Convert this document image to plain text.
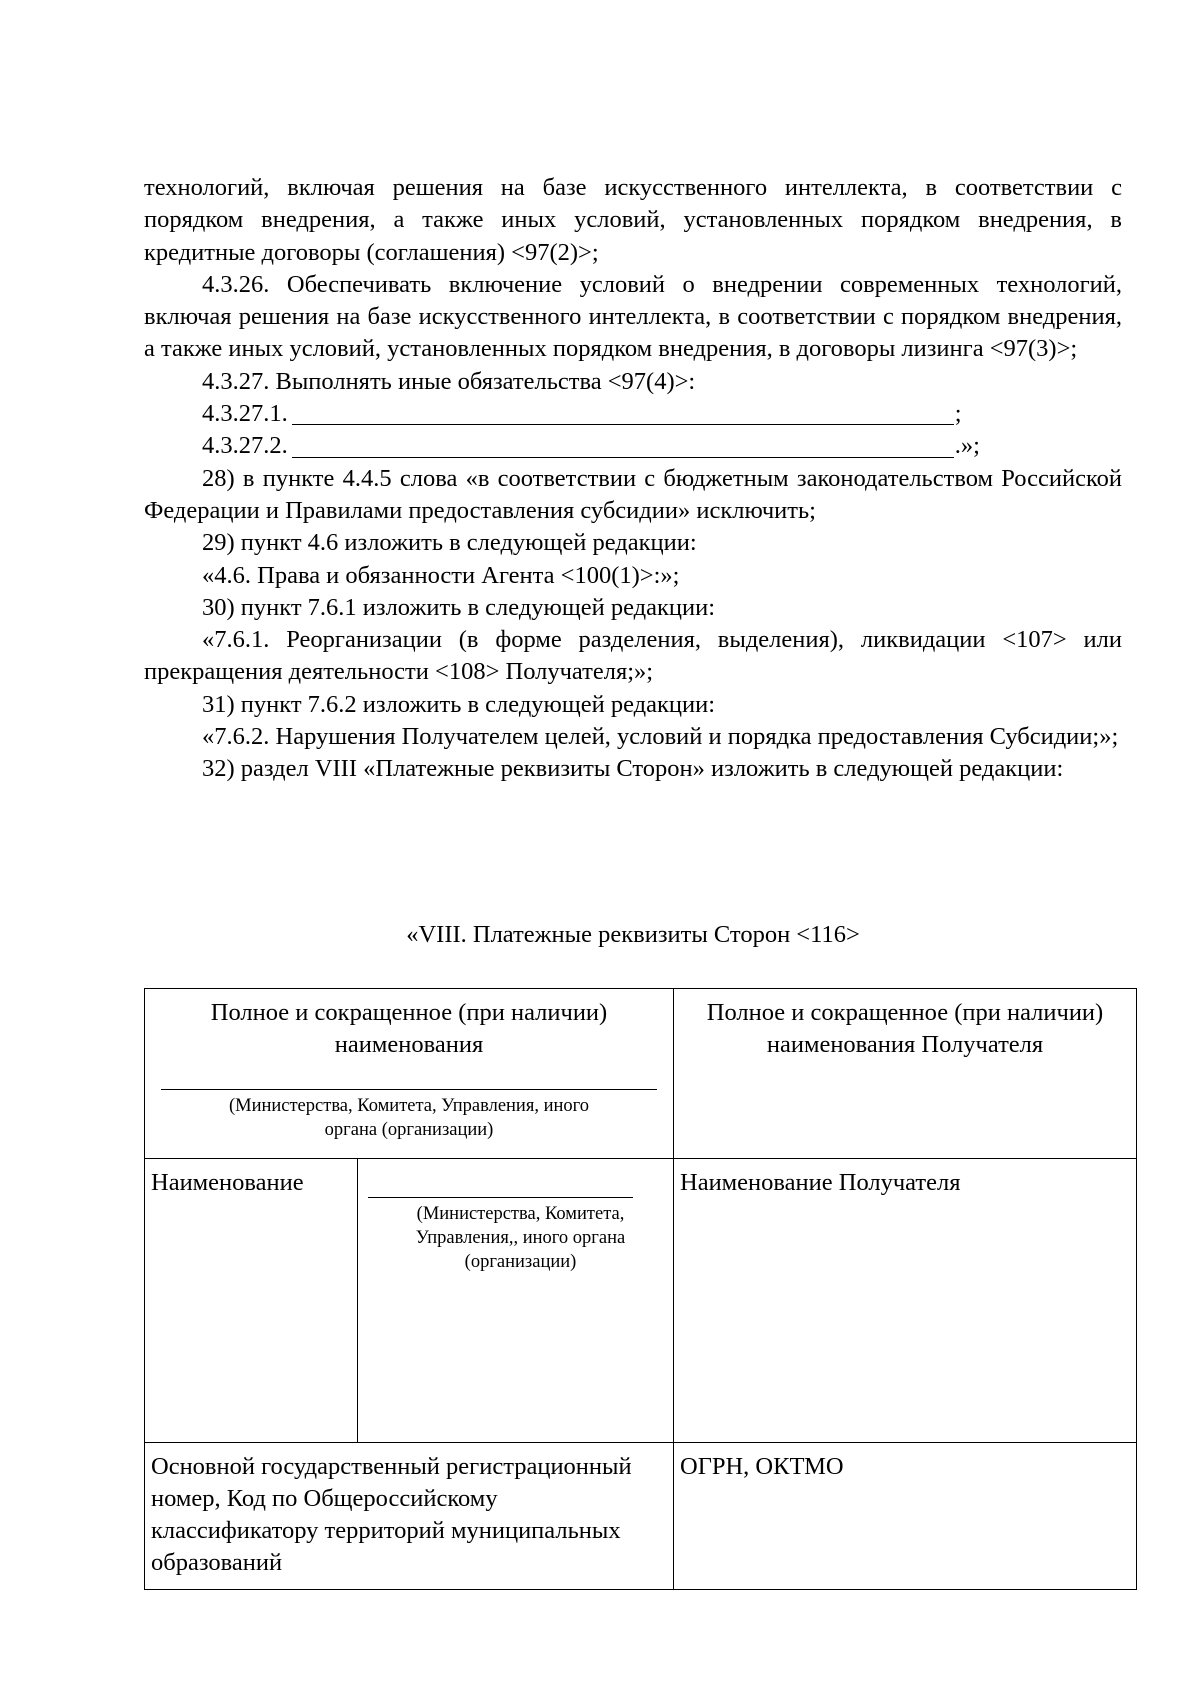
технологий, включая решения на базе искусственного интеллекта, в соответствии с порядком внедрения, а также иных условий, установленных порядком внедрения, в кредитные договоры (соглашения) <97(2)>;

4.3.26. Обеспечивать включение условий о внедрении современных технологий, включая решения на базе искусственного интеллекта, в соответствии с порядком внедрения, а также иных условий, установленных порядком внедрения, в договоры лизинга <97(3)>;

4.3.27. Выполнять иные обязательства <97(4)>:

4.3.27.1.	;
4.3.27.2.	.»;

28) в пункте 4.4.5 слова «в соответствии с бюджетным законодательством Российской Федерации и Правилами предоставления субсидии» исключить;

29) пункт 4.6 изложить в следующей редакции:

«4.6. Права и обязанности Агента <100(1)>:»;

30) пункт 7.6.1 изложить в следующей редакции:

«7.6.1. Реорганизации (в форме разделения, выделения), ликвидации <107> или прекращения деятельности <108> Получателя;»;

31) пункт 7.6.2 изложить в следующей редакции:

«7.6.2. Нарушения Получателем целей, условий и порядка предоставления Субсидии;»;

32) раздел VIII «Платежные реквизиты Сторон» изложить в следующей редакции:

«VIII. Платежные реквизиты Сторон <116>
Полное и сокращенное (при наличии) наименования
(Министерства, Комитета, Управления, иного органа (организации)		Полное и сокращенное (при наличии) наименования Получателя

Наименование	(Министерства, Комитета, Управления,, иного органа (организации)	Наименование Получателя

Основной государственный регистрационный номер, Код по Общероссийскому классификатору территорий муниципальных образований		ОГРН, ОКТМО
